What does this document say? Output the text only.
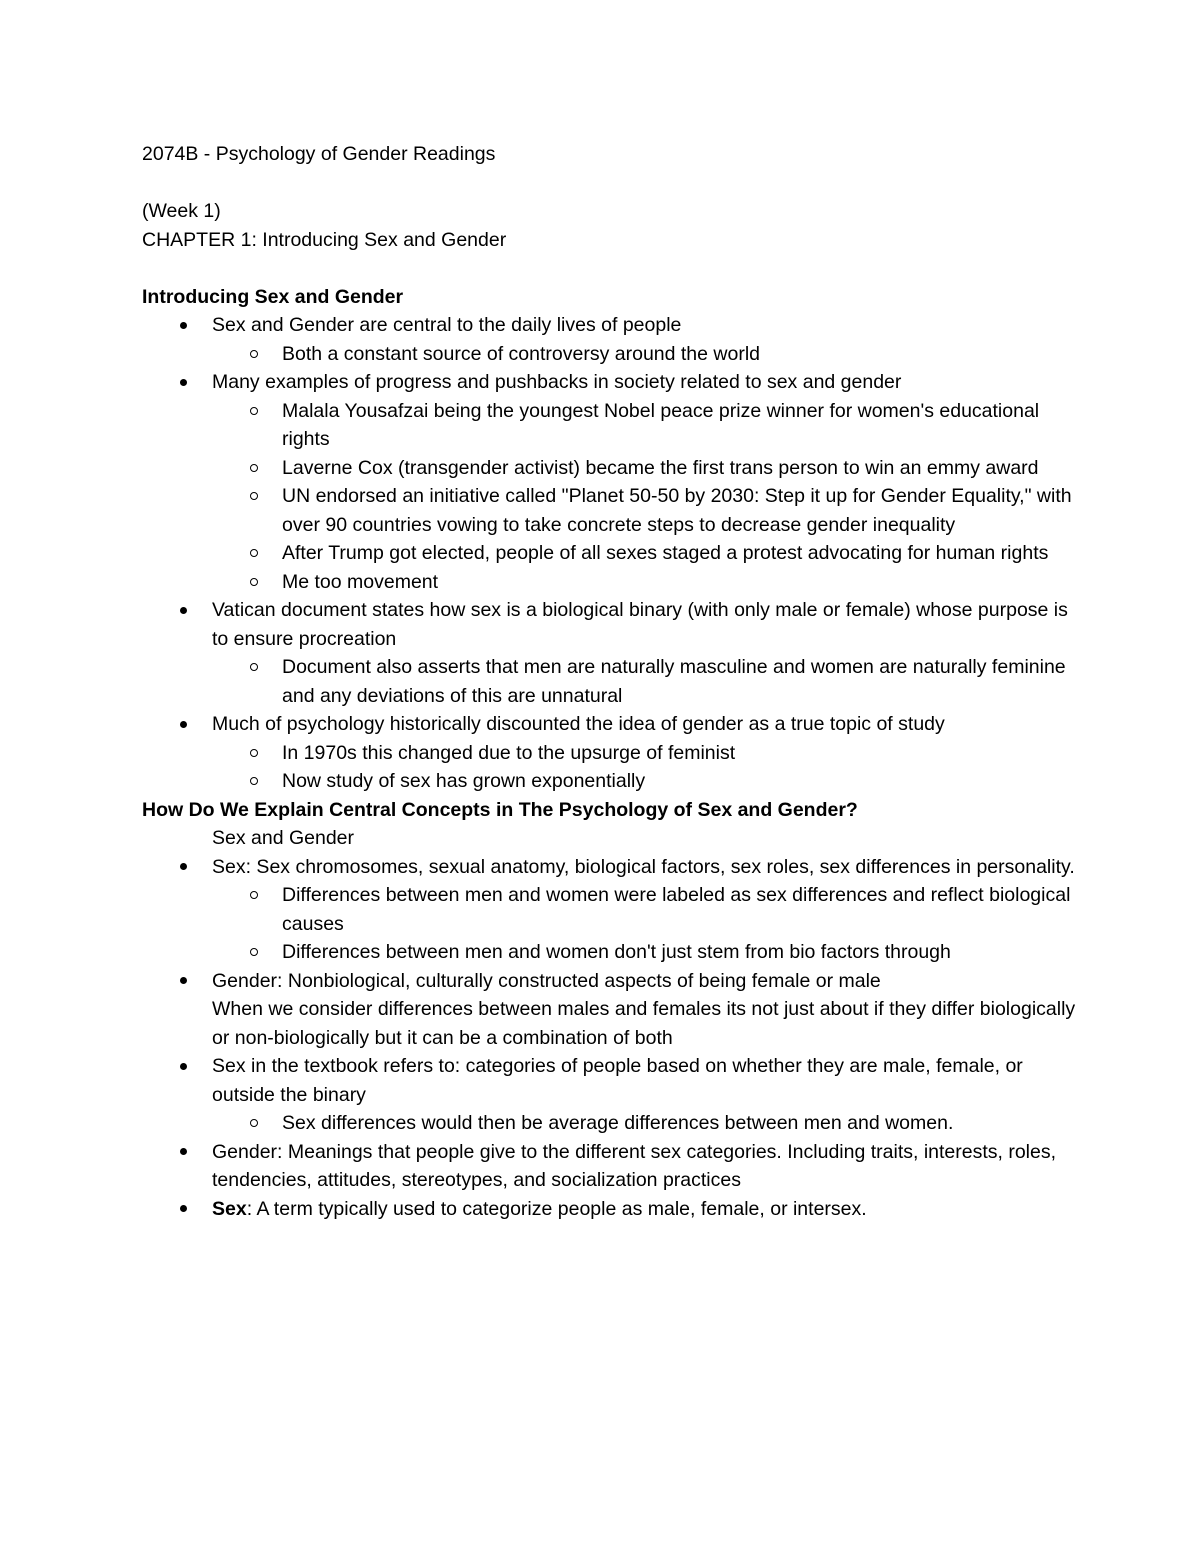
2074B - Psychology of Gender Readings
(Week 1)
CHAPTER 1: Introducing Sex and Gender
Introducing Sex and Gender
Sex and Gender are central to the daily lives of people
Both a constant source of controversy around the world
Many examples of progress and pushbacks in society related to sex and gender
Malala Yousafzai being the youngest Nobel peace prize winner for women's educational rights
Laverne Cox (transgender activist) became the first trans person to win an emmy award
UN endorsed an initiative called "Planet 50-50 by 2030: Step it up for Gender Equality," with over 90 countries vowing to take concrete steps to decrease gender inequality
After Trump got elected, people of all sexes staged a protest advocating for human rights
Me too movement
Vatican document states how sex is a biological binary (with only male or female) whose purpose is to ensure procreation
Document also asserts that men are naturally masculine and women are naturally feminine and any deviations of this are unnatural
Much of psychology historically discounted the idea of gender as a true topic of study
In 1970s this changed due to the upsurge of feminist
Now study of sex has grown exponentially
How Do We Explain Central Concepts in The Psychology of Sex and Gender?
Sex and Gender
Sex: Sex chromosomes, sexual anatomy, biological factors, sex roles, sex differences in personality.
Differences between men and women were labeled as sex differences and reflect biological causes
Differences between men and women don't just stem from bio factors through
Gender: Nonbiological, culturally constructed aspects of being female or male
When we consider differences between males and females its not just about if they differ biologically or non-biologically but it can be a combination of both
Sex in the textbook refers to: categories of people based on whether they are male, female, or outside the binary
Sex differences would then be average differences between men and women.
Gender: Meanings that people give to the different sex categories. Including traits, interests, roles, tendencies, attitudes, stereotypes, and socialization practices
Sex: A term typically used to categorize people as male, female, or intersex.
